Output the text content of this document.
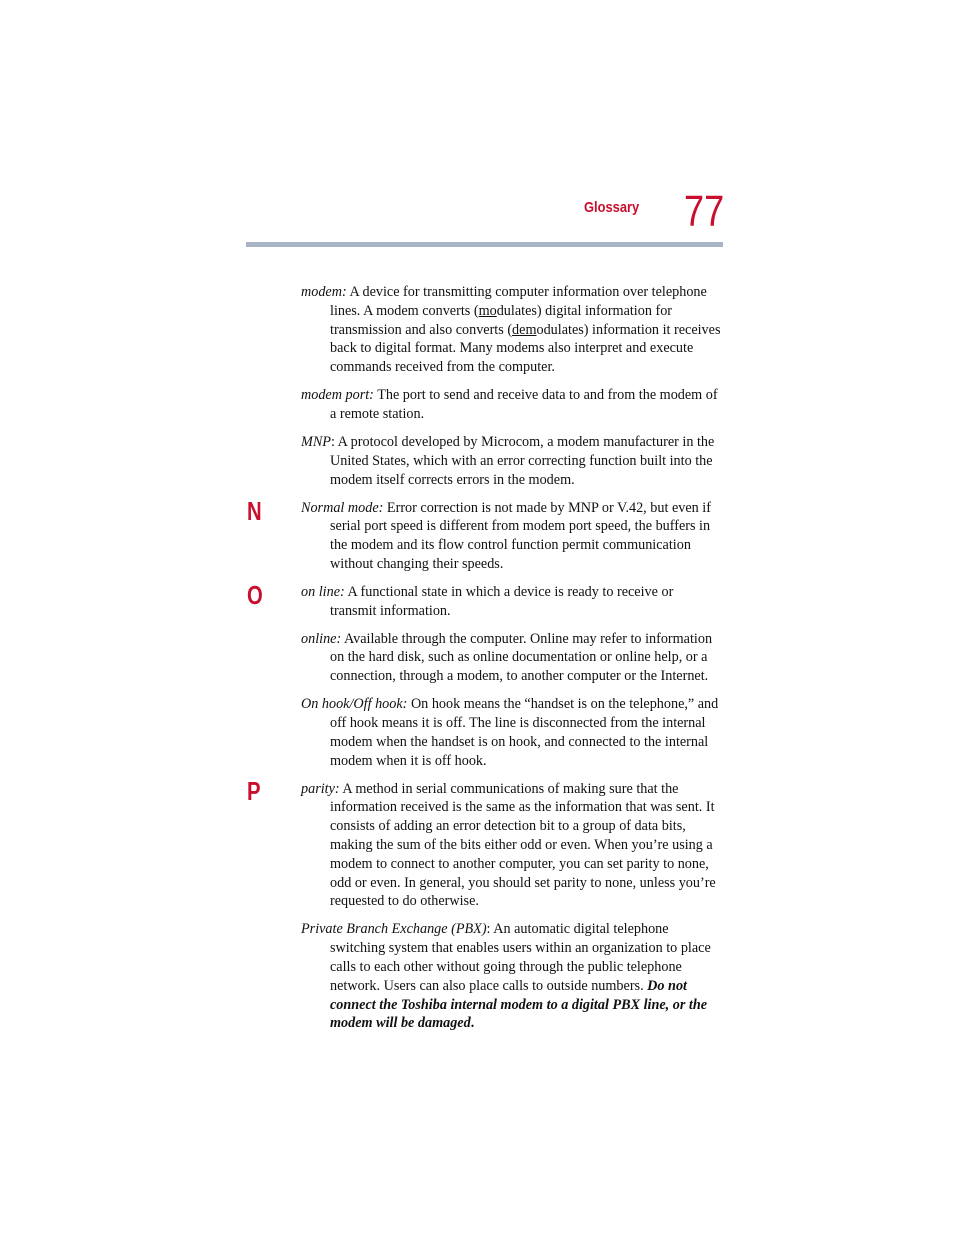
Glossary 77
N
O
P

modem: A device for transmitting computer information over telephone lines. A modem converts (modulates) digital information for transmission and also converts (demodulates) information it receives back to digital format. Many modems also interpret and execute commands received from the computer.

modem port: The port to send and receive data to and from the modem of a remote station.

MNP: A protocol developed by Microcom, a modem manufacturer in the United States, which with an error correcting function built into the modem itself corrects errors in the modem.

Normal mode: Error correction is not made by MNP or V.42, but even if serial port speed is different from modem port speed, the buffers in the modem and its flow control function permit communication without changing their speeds.

on line: A functional state in which a device is ready to receive or transmit information.

online: Available through the computer. Online may refer to information on the hard disk, such as online documentation or online help, or a connection, through a modem, to another computer or the Internet.

On hook/Off hook: On hook means the “handset is on the telephone,” and off hook means it is off. The line is disconnected from the internal modem when the handset is on hook, and connected to the internal modem when it is off hook.

parity: A method in serial communications of making sure that the information received is the same as the information that was sent. It consists of adding an error detection bit to a group of data bits, making the sum of the bits either odd or even. When you’re using a modem to connect to another computer, you can set parity to none, odd or even. In general, you should set parity to none, unless you’re requested to do otherwise.

Private Branch Exchange (PBX): An automatic digital telephone switching system that enables users within an organization to place calls to each other without going through the public telephone network. Users can also place calls to outside numbers. Do not connect the Toshiba internal modem to a digital PBX line, or the modem will be damaged.
